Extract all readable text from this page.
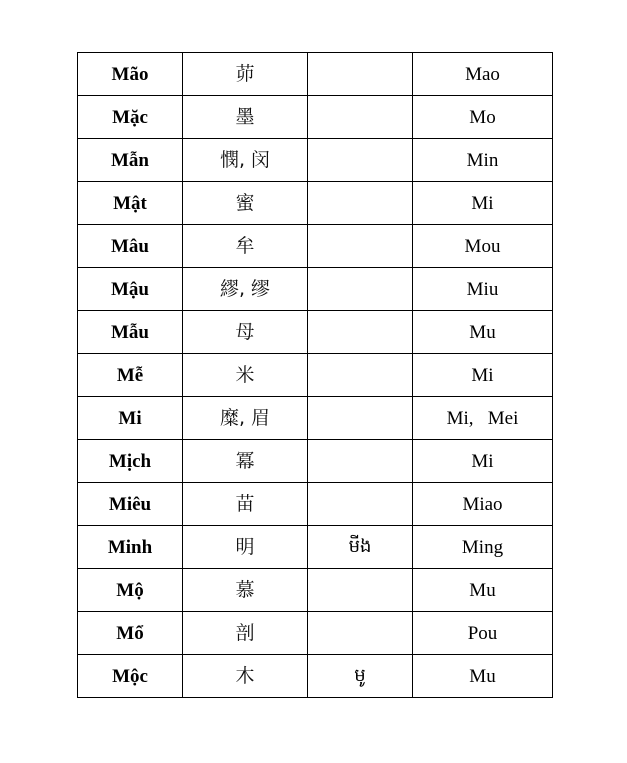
Mão	茆		Mao
Mặc	墨		Mo
Mẫn	憫, 闵		Min
Mật	蜜		Mi
Mâu	牟		Mou
Mậu	繆, 缪		Miu
Mẫu	母		Mu
Mễ	米		Mi
Mi	糜, 眉		Mi,   Mei
Mịch	冪		Mi
Miêu	苗		Miao
Minh	明	មីង	Ming
Mộ	慕		Mu
Mổ	剖		Pou
Mộc	木	មូ	Mu
